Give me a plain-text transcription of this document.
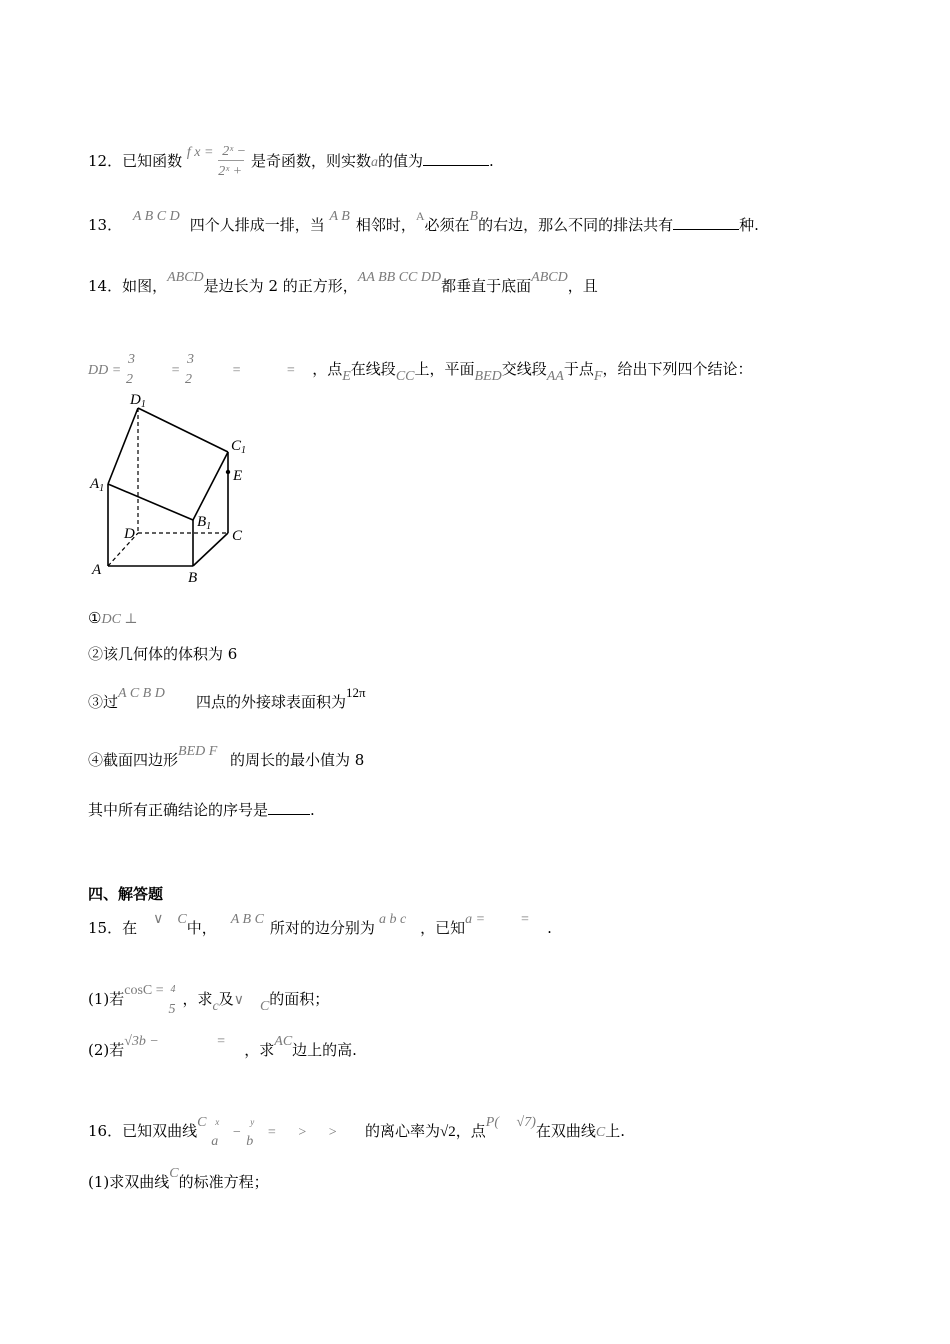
12．已知函数 f $x = \frac{\text{2ˣ −}}{\text{2ˣ +}}$ 是奇函数，则实数a的值为	.
13． A B C D 四个人排成一排，当 A B 相邻时，A必须在B的右边，那么不同的排法共有	种.
14．如图，ABCD是边长为 2 的正方形，AA BB CC DD都垂直于底面ABCD，且
DD =
3
2
=
3
2
=	= ，点E在线段CC上，平面BED交线段AA于点F，给出下列四个结论：
$D_1$
$C_1$
$A_1$
E
$B_1$
D	C
A	B
①DC ⊥
②该几何体的体积为 6
③过A C B D 四点的外接球表面积为12π
④截面四边形BED F 的周长的最小值为 8
其中所有正确结论的序号是	.
四、解答题
15．在 ∨ C中， A B C 所对的边分别为 a b c ，已知a =          = .
(1)若cosC = 4
5
，求c及∨ C的面积；
(2)若√3b −	= ，求AC边上的高.
16．已知双曲线C x
a
−
y
b
=      >      > 的离心率为√2，点P(     √7)在双曲线C上.
(1)求双曲线C的标准方程；
